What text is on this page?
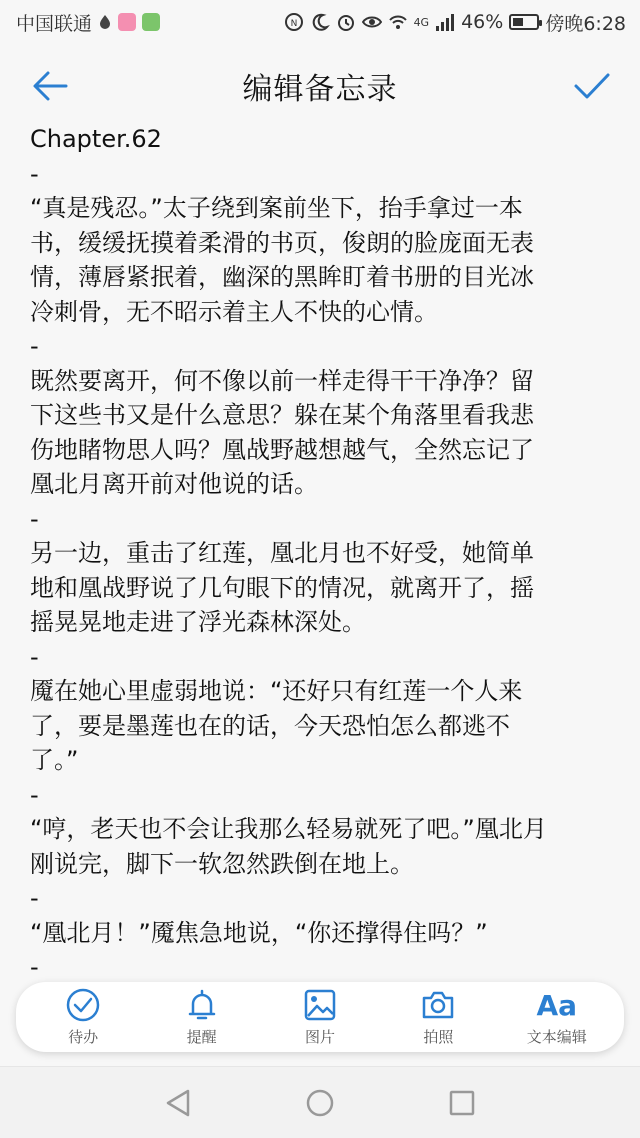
中国联通	N	4G 46% 傍晚6:28
编辑备忘录
Chapter.62
-
“真是残忍。”太子绕到案前坐下，抬手拿过一本
书，缓缓抚摸着柔滑的书页，俊朗的脸庞面无表
情，薄唇紧抿着，幽深的黑眸盯着书册的目光冰
冷刺骨，无不昭示着主人不快的心情。
-
既然要离开，何不像以前一样走得干干净净？留
下这些书又是什么意思？躲在某个角落里看我悲
伤地睹物思人吗？凰战野越想越气，全然忘记了
凰北月离开前对他说的话。
-
另一边，重击了红莲，凰北月也不好受，她简单
地和凰战野说了几句眼下的情况，就离开了，摇
摇晃晃地走进了浮光森林深处。
-
魇在她心里虚弱地说：“还好只有红莲一个人来
了，要是墨莲也在的话，今天恐怕怎么都逃不
了。”
-
“哼，老天也不会让我那么轻易就死了吧。”凰北月
刚说完，脚下一软忽然跌倒在地上。
-
“凰北月！”魇焦急地说，“你还撑得住吗？”
-
待办	提醒	图片	拍照
Aa
文本编辑
